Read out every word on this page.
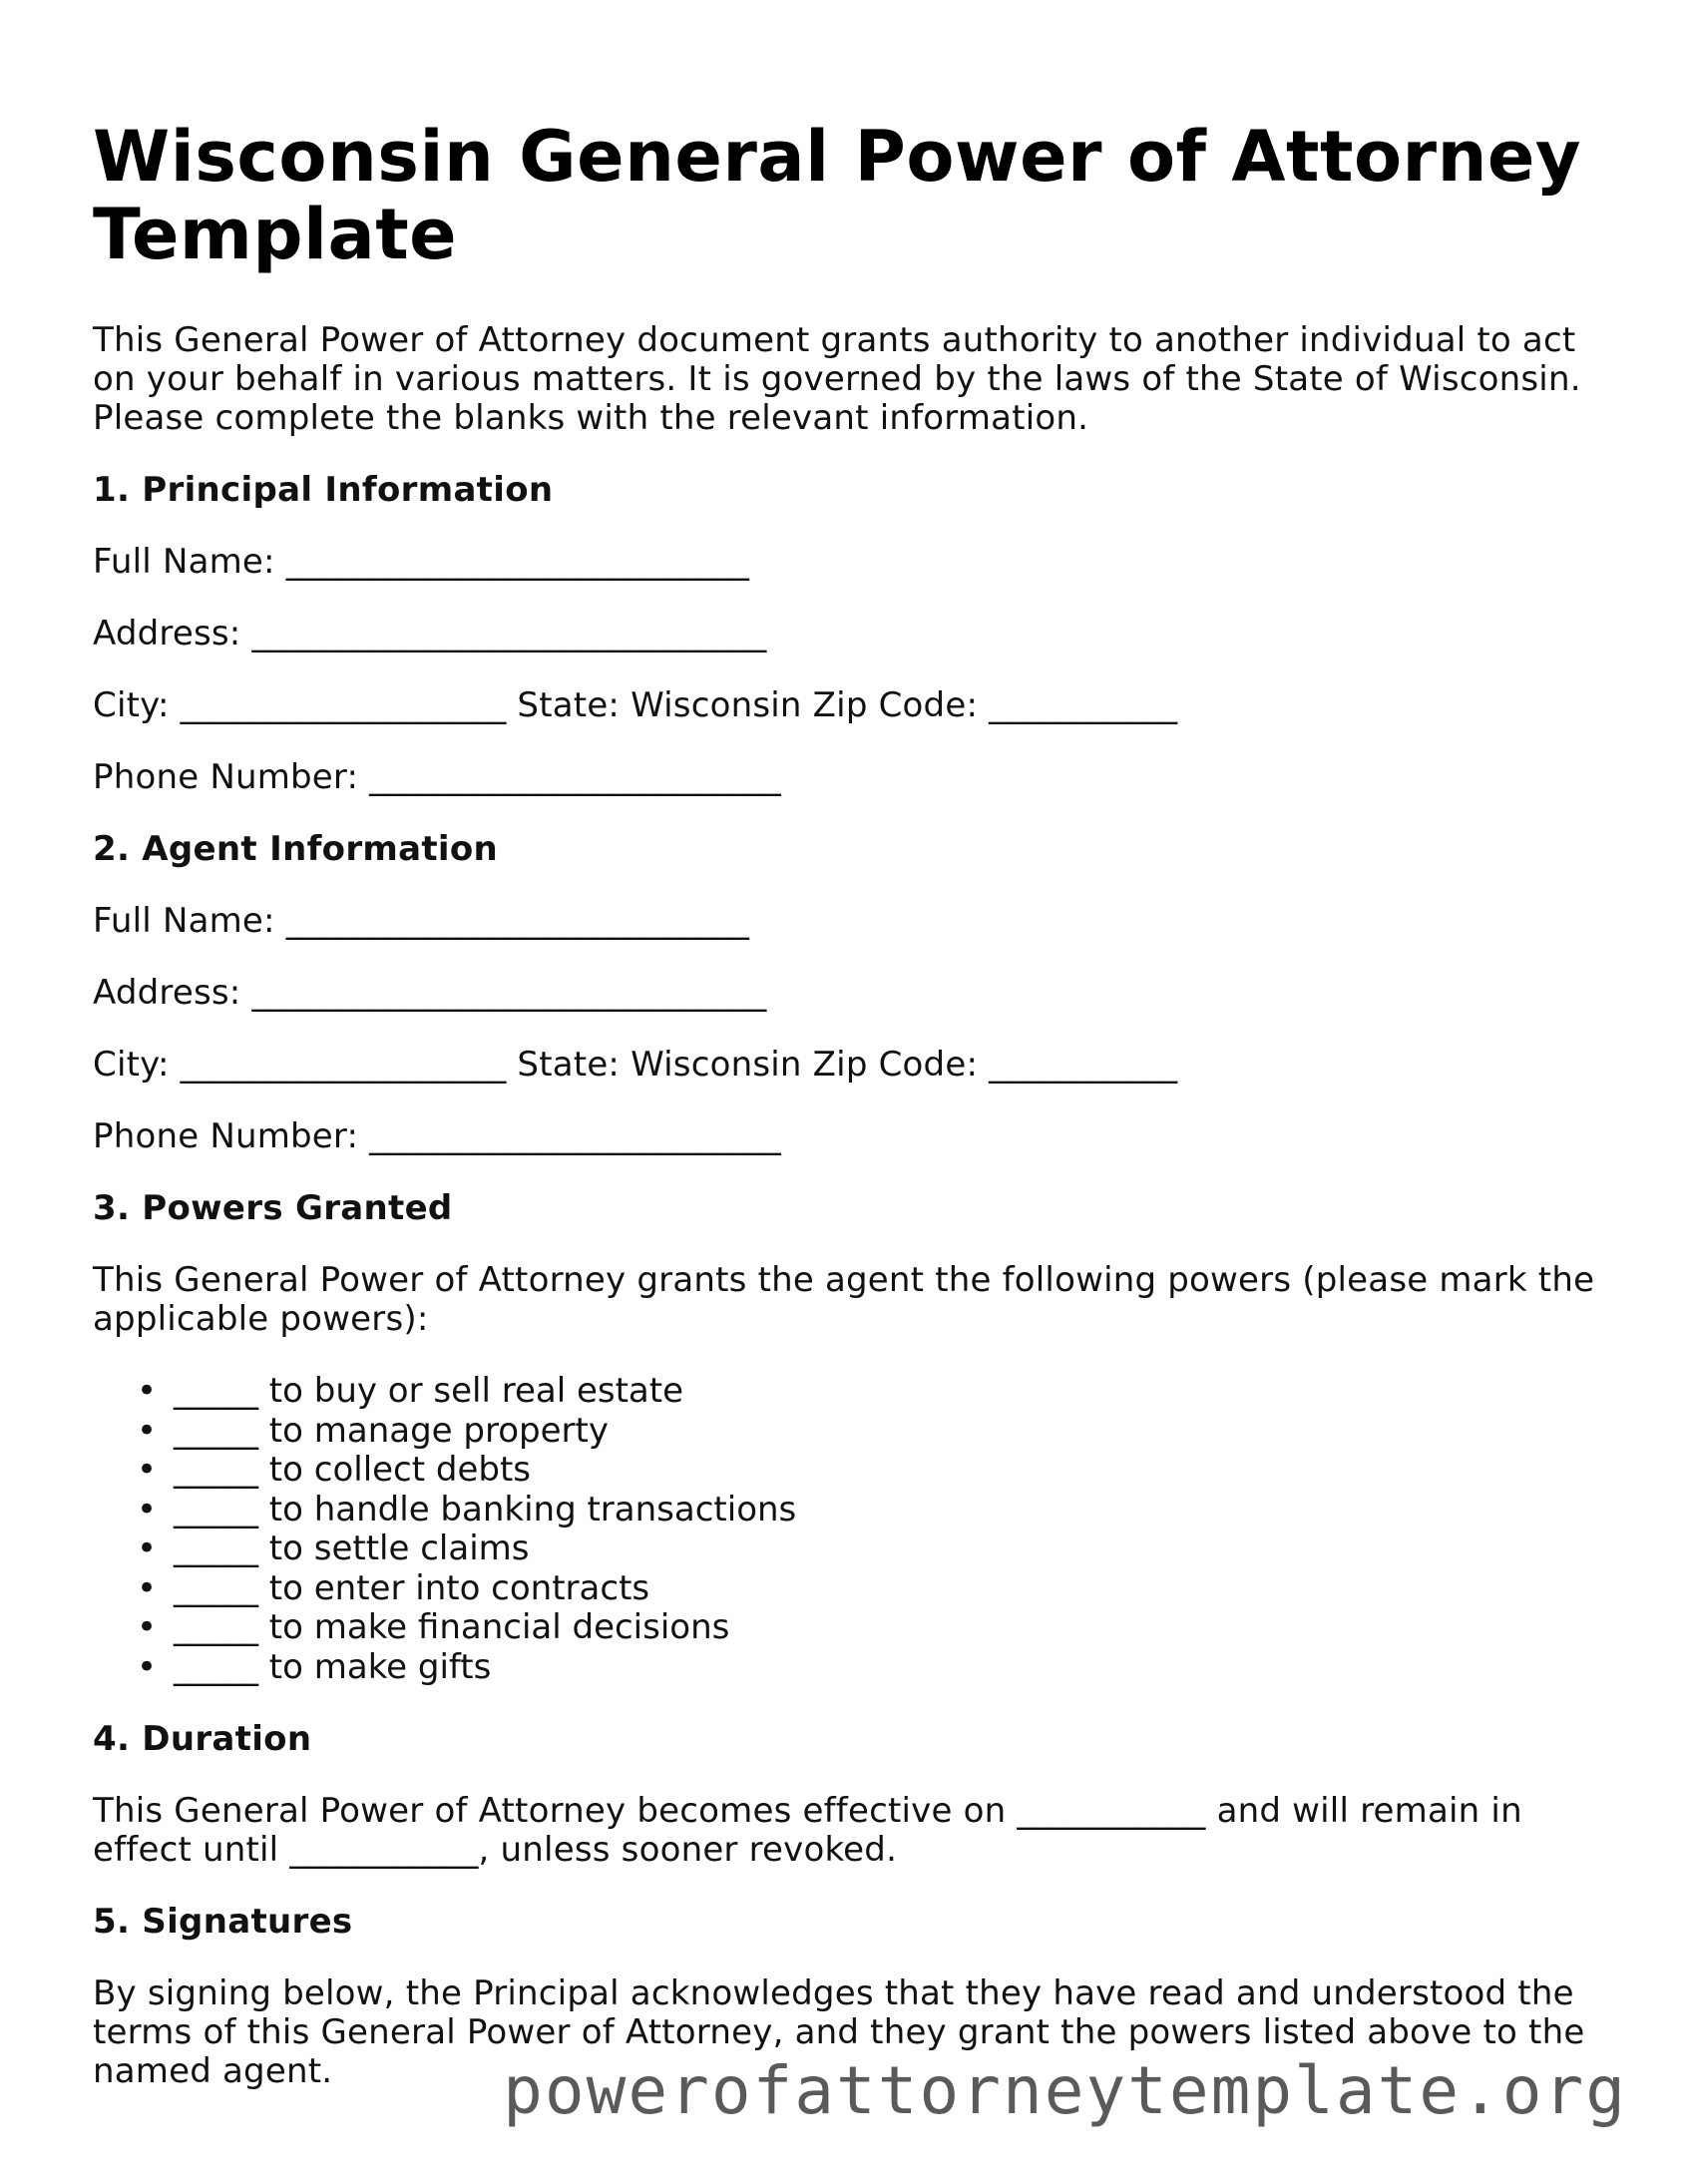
Wisconsin General Power of Attorney Template

This General Power of Attorney document grants authority to another individual to act on your behalf in various matters. It is governed by the laws of the State of Wisconsin. Please complete the blanks with the relevant information.

1. Principal Information
Full Name: ___________________________
Address: ______________________________
City: ___________________ State: Wisconsin Zip Code: ___________
Phone Number: ________________________
2. Agent Information
Full Name: ___________________________
Address: ______________________________
City: ___________________ State: Wisconsin Zip Code: ___________
Phone Number: ________________________
3. Powers Granted

This General Power of Attorney grants the agent the following powers (please mark the applicable powers):

• _____ to buy or sell real estate
• _____ to manage property
• _____ to collect debts
• _____ to handle banking transactions
• _____ to settle claims
• _____ to enter into contracts
• _____ to make financial decisions
• _____ to make gifts
4. Duration

This General Power of Attorney becomes effective on ___________ and will remain in effect until ___________, unless sooner revoked.

5. Signatures

By signing below, the Principal acknowledges that they have read and understood the terms of this General Power of Attorney, and they grant the powers listed above to the named agent.	powerofattorneytemplate.org
